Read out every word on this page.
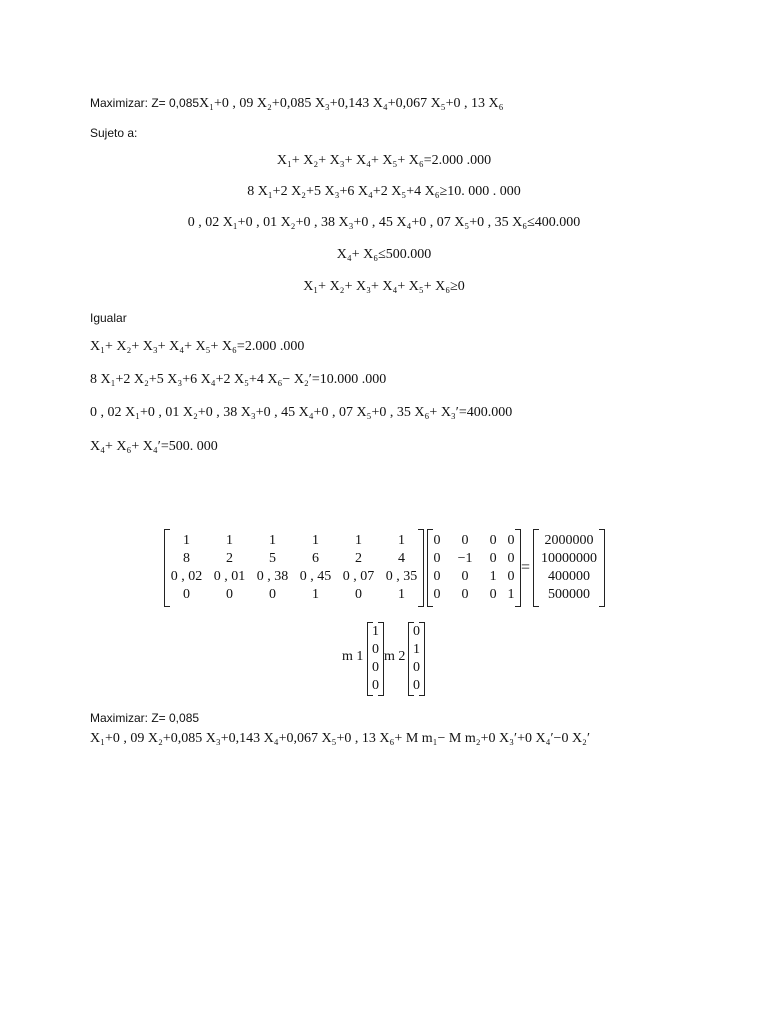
Maximizar: Z= 0,085X₁+0 , 09 X₂+0,085 X₃+0,143 X₄+0,067 X₅+0 , 13 X₆
Sujeto a:
X₁+ X₂+ X₃+ X₄+ X₅+ X₆=2.000 .000
8 X₁+2 X₂+5 X₃+6 X₄+2 X₅+4 X₆≥10. 000 . 000
0 , 02 X₁+0 , 01 X₂+0 , 38 X₃+0 , 45 X₄+0 , 07 X₅+0 , 35 X₆≤400.000
X₄+ X₆≤500.000
X₁+ X₂+ X₃+ X₄+ X₅+ X₆≥0
Igualar
X₁+ X₂+ X₃+ X₄+ X₅+ X₆=2.000 .000
8 X₁+2 X₂+5 X₃+6 X₄+2 X₅+4 X₆− X₂′=10.000 .000
0 , 02 X₁+0 , 01 X₂+0 , 38 X₃+0 , 45 X₄+0 , 07 X₅+0 , 35 X₆+ X₃′=400.000
X₄+ X₆+ X₄′=500. 000
1	1	1	1	1	1
8	2	5	6	2	4
0 , 02	0 , 01	0 , 38	0 , 45	0 , 07	0 , 35
0	0	0	1	0	1
0	0	0	0
0	−1	0	0
0	0	1	0
0	0	0	1
=
2000000
10000000
400000
500000
m 1
1
0
0
0
m 2
0
1
0
0
Maximizar: Z= 0,085
X₁+0 , 09 X₂+0,085 X₃+0,143 X₄+0,067 X₅+0 , 13 X₆+ M m₁− M m₂+0 X₃′+0 X₄′−0 X₂′
